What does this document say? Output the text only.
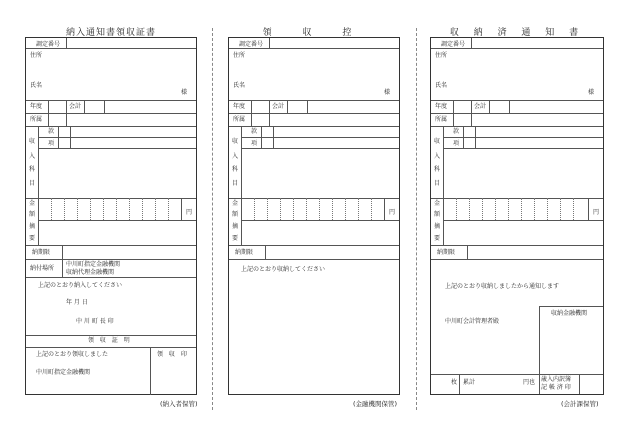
納入通知書領収証書	領 収 控	収 納 済 通 知 書
調定番号
住所
氏名
様
年度	会計
所属
収
入
科
目
款
項
金
額	円
摘
要
納期限
納付場所
中川町指定金融機関
収納代理金融機関
上記のとおり納入してください
年 月 日
中 川 町 長 印
領 収 証 明
上記のとおり領収しました
中川町指定金融機関
領 収 印
(納入者保管)
調定番号
住所
氏名
様
年度	会計
所属
収
入
科
目
款
項
金
額	円
摘
要
納期限
上記のとおり収納してください
(金融機関保管)
調定番号
住所
氏名
様
年度	会計
所属
収
入
科
目
款
項
金
額	円
摘
要
納期限
上記のとおり収納しましたから通知します
収納金融機関
中川町会計管理者殿
枚 累計	円也 歳入内訳簿
記 帳 済 印
(会計課保管)
